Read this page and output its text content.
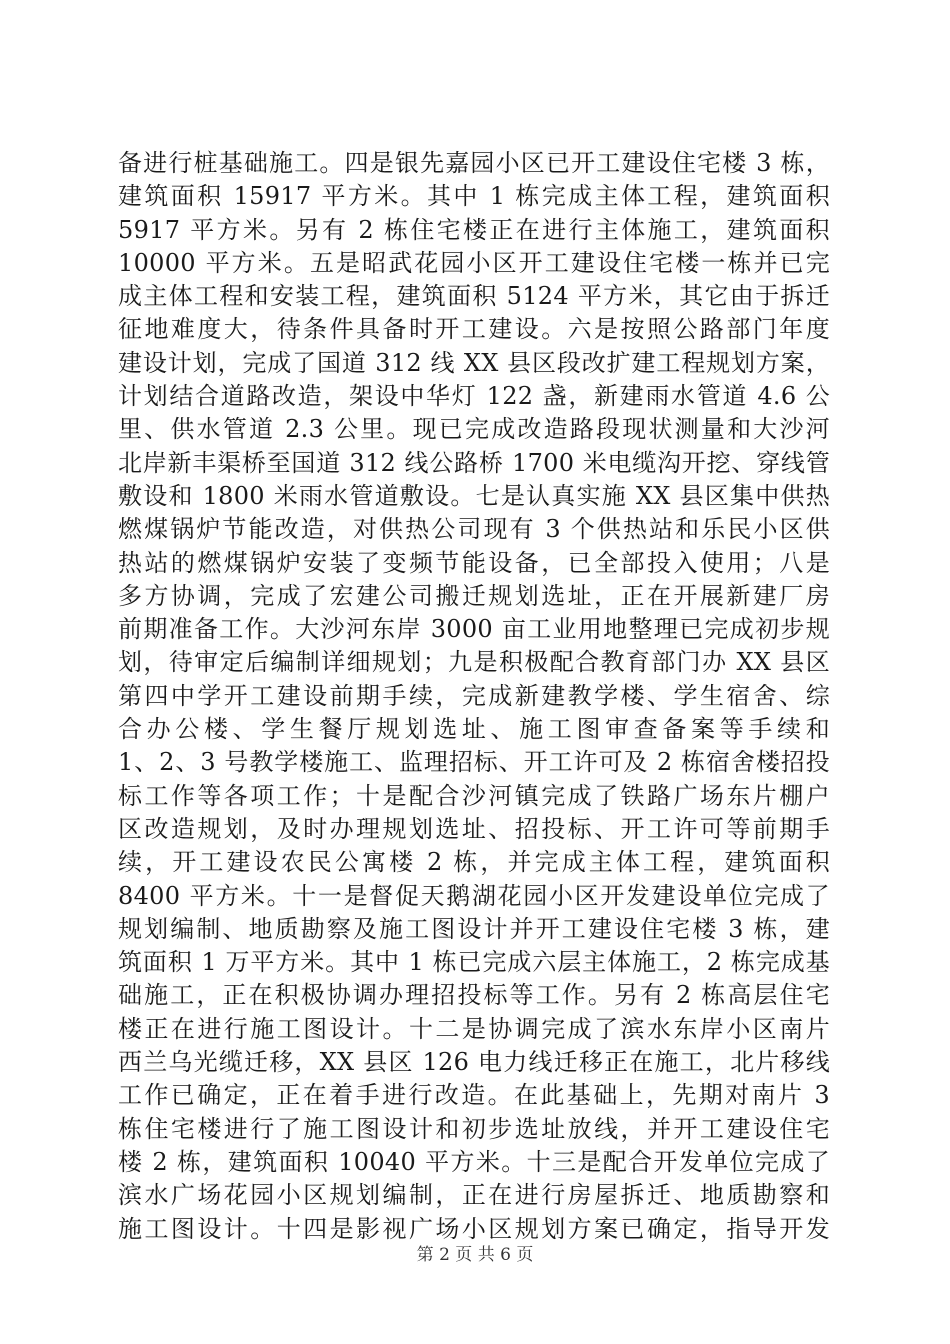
备进行桩基础施工。四是银先嘉园小区已开工建设住宅楼 3 栋，
建筑面积 15917 平方米。其中 1 栋完成主体工程，建筑面积
5917 平方米。另有 2 栋住宅楼正在进行主体施工，建筑面积
10000 平方米。五是昭武花园小区开工建设住宅楼一栋并已完
成主体工程和安装工程，建筑面积 5124 平方米，其它由于拆迁
征地难度大，待条件具备时开工建设。六是按照公路部门年度
建设计划，完成了国道 312 线 XX 县区段改扩建工程规划方案，
计划结合道路改造，架设中华灯 122 盏，新建雨水管道 4.6 公
里、供水管道 2.3 公里。现已完成改造路段现状测量和大沙河
北岸新丰渠桥至国道 312 线公路桥 1700 米电缆沟开挖、穿线管
敷设和 1800 米雨水管道敷设。七是认真实施 XX 县区集中供热
燃煤锅炉节能改造，对供热公司现有 3 个供热站和乐民小区供
热站的燃煤锅炉安装了变频节能设备，已全部投入使用；八是
多方协调，完成了宏建公司搬迁规划选址，正在开展新建厂房
前期准备工作。大沙河东岸 3000 亩工业用地整理已完成初步规
划，待审定后编制详细规划；九是积极配合教育部门办 XX 县区
第四中学开工建设前期手续，完成新建教学楼、学生宿舍、综
合办公楼、学生餐厅规划选址、施工图审查备案等手续和
1、2、3 号教学楼施工、监理招标、开工许可及 2 栋宿舍楼招投
标工作等各项工作；十是配合沙河镇完成了铁路广场东片棚户
区改造规划，及时办理规划选址、招投标、开工许可等前期手
续，开工建设农民公寓楼 2 栋，并完成主体工程，建筑面积
8400 平方米。十一是督促天鹅湖花园小区开发建设单位完成了
规划编制、地质勘察及施工图设计并开工建设住宅楼 3 栋，建
筑面积 1 万平方米。其中 1 栋已完成六层主体施工，2 栋完成基
础施工，正在积极协调办理招投标等工作。另有 2 栋高层住宅
楼正在进行施工图设计。十二是协调完成了滨水东岸小区南片
西兰乌光缆迁移，XX 县区 126 电力线迁移正在施工，北片移线
工作已确定，正在着手进行改造。在此基础上，先期对南片 3
栋住宅楼进行了施工图设计和初步选址放线，并开工建设住宅
楼 2 栋，建筑面积 10040 平方米。十三是配合开发单位完成了
滨水广场花园小区规划编制，正在进行房屋拆迁、地质勘察和
施工图设计。十四是影视广场小区规划方案已确定，指导开发
第 2 页 共 6 页
